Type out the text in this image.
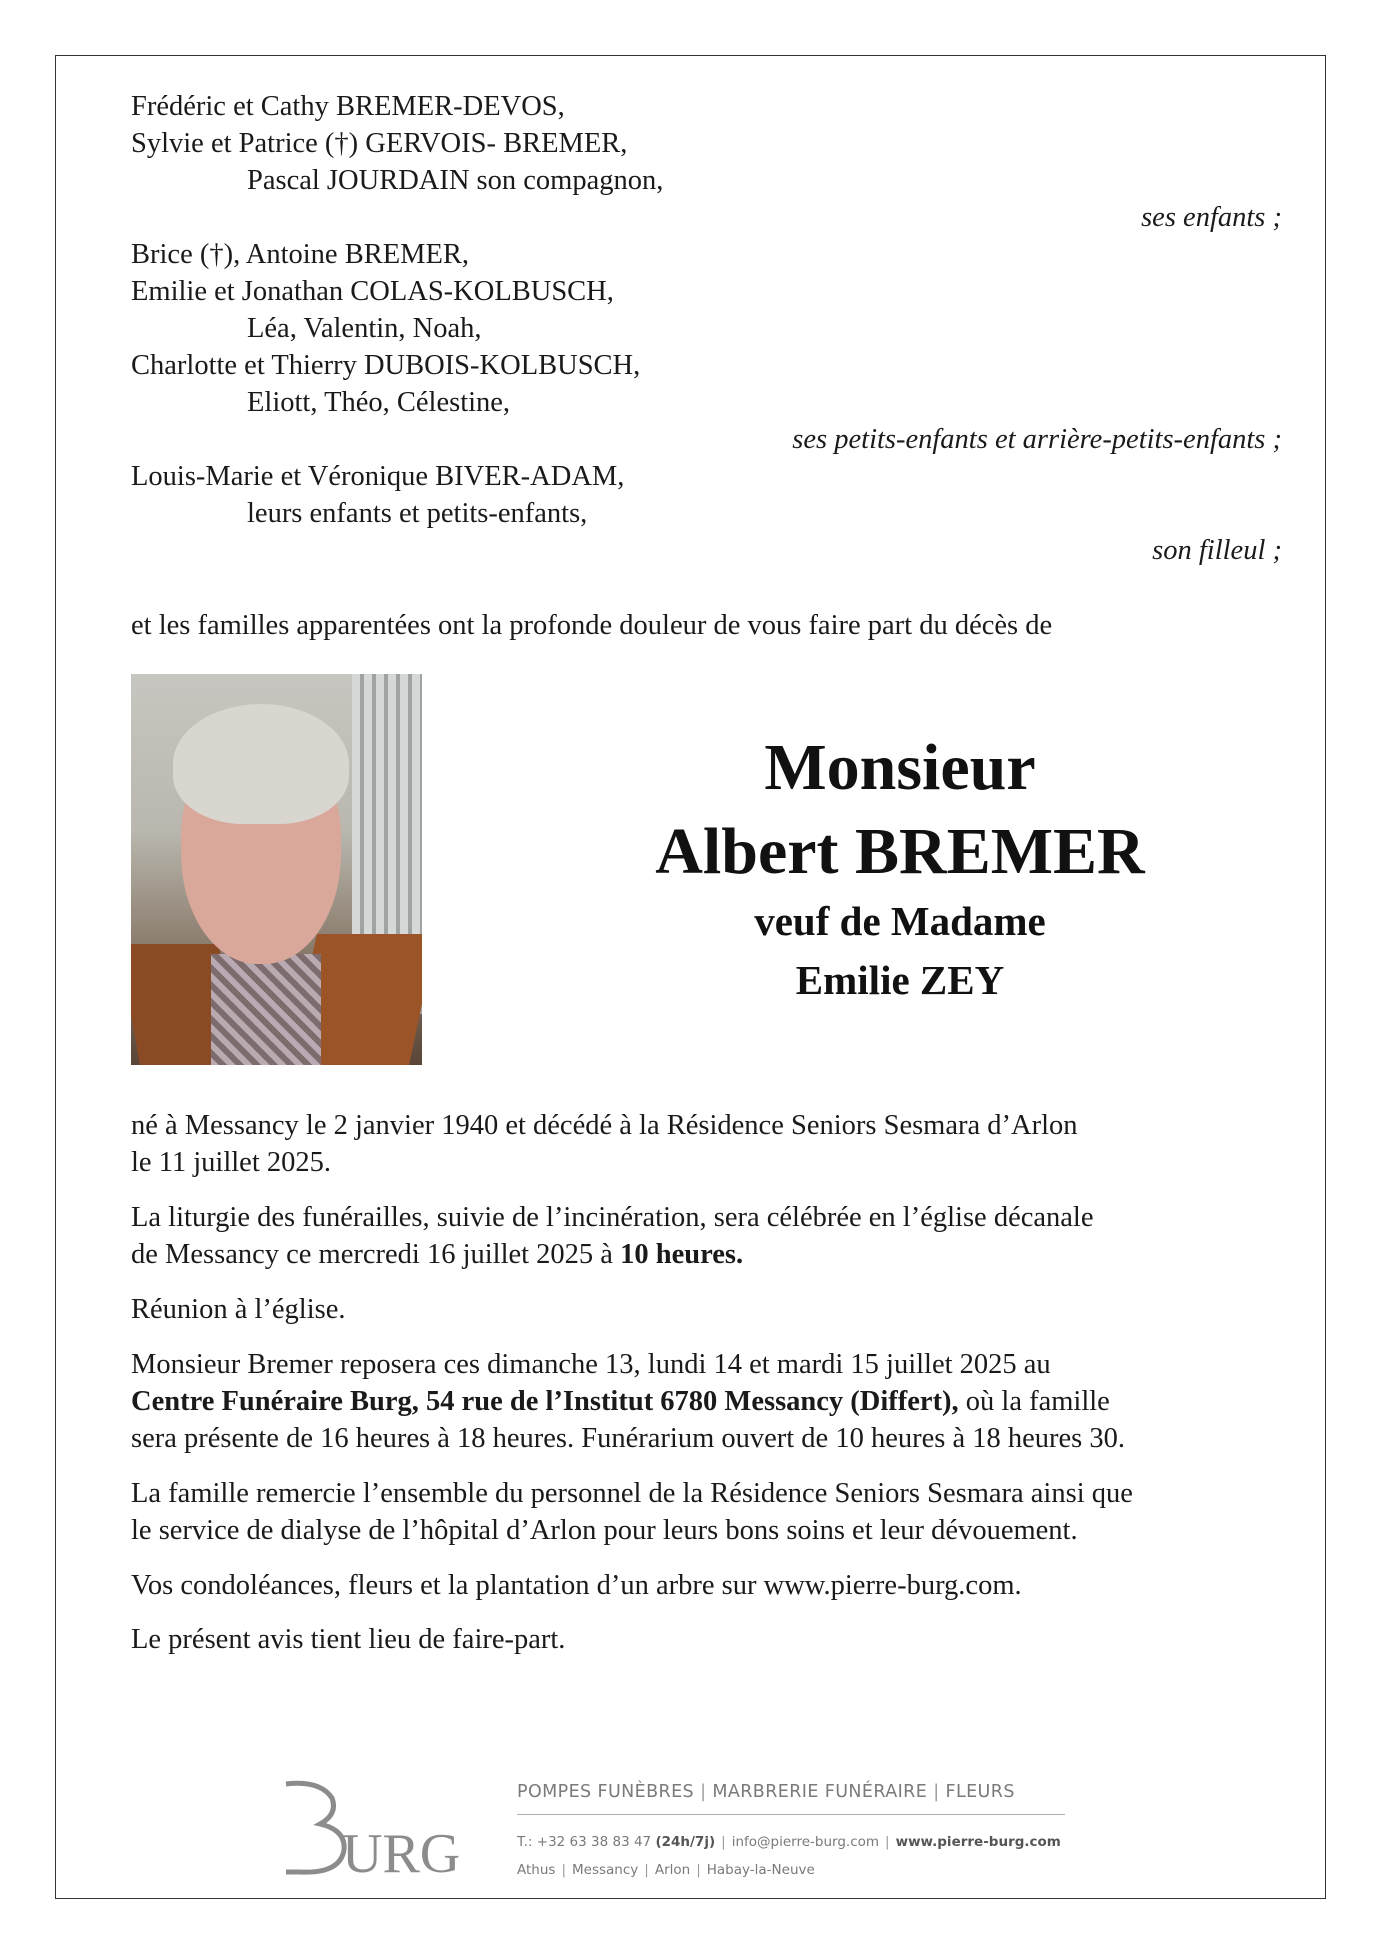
Frédéric et Cathy BREMER-DEVOS,
Sylvie et Patrice (†) GERVOIS- BREMER,
Pascal JOURDAIN son compagnon,
ses enfants ;
Brice (†), Antoine BREMER,
Emilie et Jonathan COLAS-KOLBUSCH,
Léa, Valentin, Noah,
Charlotte et Thierry DUBOIS-KOLBUSCH,
Eliott, Théo, Célestine,
ses petits-enfants et arrière-petits-enfants ;
Louis-Marie et Véronique BIVER-ADAM,
leurs enfants et petits-enfants,
son filleul ;
et les familles apparentées ont la profonde douleur de vous faire part du décès de
Monsieur
Albert BREMER
veuf de Madame
Emilie ZEY
né à Messancy le 2 janvier 1940 et décédé à la Résidence Seniors Sesmara d’Arlon
le 11 juillet 2025.
La liturgie des funérailles, suivie de l’incinération, sera célébrée en l’église décanale
de Messancy ce mercredi 16 juillet 2025 à 10 heures.
Réunion à l’église.
Monsieur Bremer reposera ces dimanche 13, lundi 14 et mardi 15 juillet 2025 au
Centre Funéraire Burg, 54 rue de l’Institut 6780 Messancy (Differt), où la famille
sera présente de 16 heures à 18 heures. Funérarium ouvert de 10 heures à 18 heures 30.
La famille remercie l’ensemble du personnel de la Résidence Seniors Sesmara ainsi que
le service de dialyse de l’hôpital d’Arlon pour leurs bons soins et leur dévouement.
Vos condoléances, fleurs et la plantation d’un arbre sur www.pierre-burg.com.
Le présent avis tient lieu de faire-part.
URG
POMPES FUNÈBRES | MARBRERIE FUNÉRAIRE | FLEURS
T.: +32 63 38 83 47 (24h/7j) | info@pierre-burg.com | www.pierre-burg.com
Athus | Messancy | Arlon | Habay-la-Neuve
